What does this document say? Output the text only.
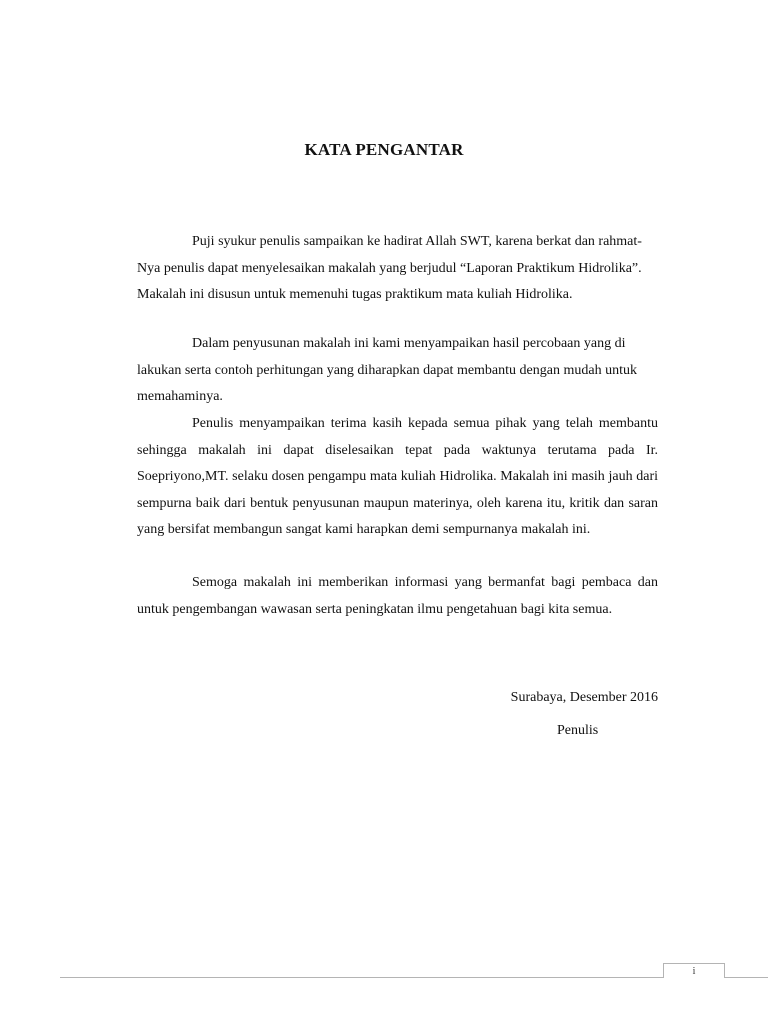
KATA PENGANTAR

Puji syukur penulis sampaikan ke hadirat Allah SWT, karena berkat dan rahmat-Nya penulis dapat menyelesaikan makalah yang berjudul “Laporan Praktikum Hidrolika”. Makalah ini disusun untuk memenuhi tugas praktikum mata kuliah Hidrolika.

Dalam penyusunan makalah ini kami menyampaikan hasil percobaan yang di lakukan serta contoh perhitungan yang diharapkan dapat membantu dengan mudah untuk memahaminya.

Penulis menyampaikan terima kasih kepada semua pihak yang telah membantu sehingga makalah ini dapat diselesaikan tepat pada waktunya terutama pada Ir. Soepriyono,MT. selaku dosen pengampu mata kuliah Hidrolika. Makalah ini masih jauh dari sempurna baik dari bentuk penyusunan maupun materinya, oleh karena itu, kritik dan saran yang bersifat membangun sangat kami harapkan demi sempurnanya makalah ini.

Semoga makalah ini memberikan informasi yang bermanfat bagi pembaca dan untuk pengembangan wawasan serta peningkatan ilmu pengetahuan bagi kita semua.

Surabaya, Desember 2016
Penulis
i
